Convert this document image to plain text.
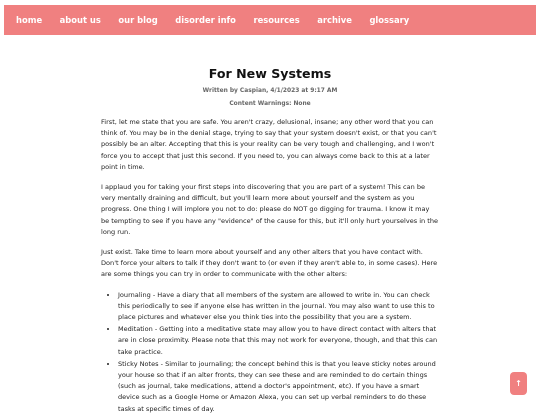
home about us our blog disorder info resources archive glossary
For New Systems
Written by Caspian, 4/1/2023 at 9:17 AM
Content Warnings: None

First, let me state that you are safe. You aren't crazy, delusional, insane; any other word that you can think of. You may be in the denial stage, trying to say that your system doesn't exist, or that you can't possibly be an alter. Accepting that this is your reality can be very tough and challenging, and I won't force you to accept that just this second. If you need to, you can always come back to this at a later point in time.

I applaud you for taking your first steps into discovering that you are part of a system! This can be very mentally draining and difficult, but you'll learn more about yourself and the system as you progress. One thing I will implore you not to do: please do NOT go digging for trauma. I know it may be tempting to see if you have any "evidence" of the cause for this, but it'll only hurt yourselves in the long run.

Just exist. Take time to learn more about yourself and any other alters that you have contact with. Don't force your alters to talk if they don't want to (or even if they aren't able to, in some cases). Here are some things you can try in order to communicate with the other alters:

• Journaling - Have a diary that all members of the system are allowed to write in. You can check this periodically to see if anyone else has written in the journal. You may also want to use this to place pictures and whatever else you think ties into the possibility that you are a system.
• Meditation - Getting into a meditative state may allow you to have direct contact with alters that are in close proximity. Please note that this may not work for everyone, though, and that this can take practice.
• Sticky Notes - Similar to journaling; the concept behind this is that you leave sticky notes around your house so that if an alter fronts, they can see these and are reminded to do certain things (such as journal, take medications, attend a doctor's appointment, etc). If you have a smart device such as a Google Home or Amazon Alexa, you can set up verbal reminders to do these tasks at specific times of day.
↑
